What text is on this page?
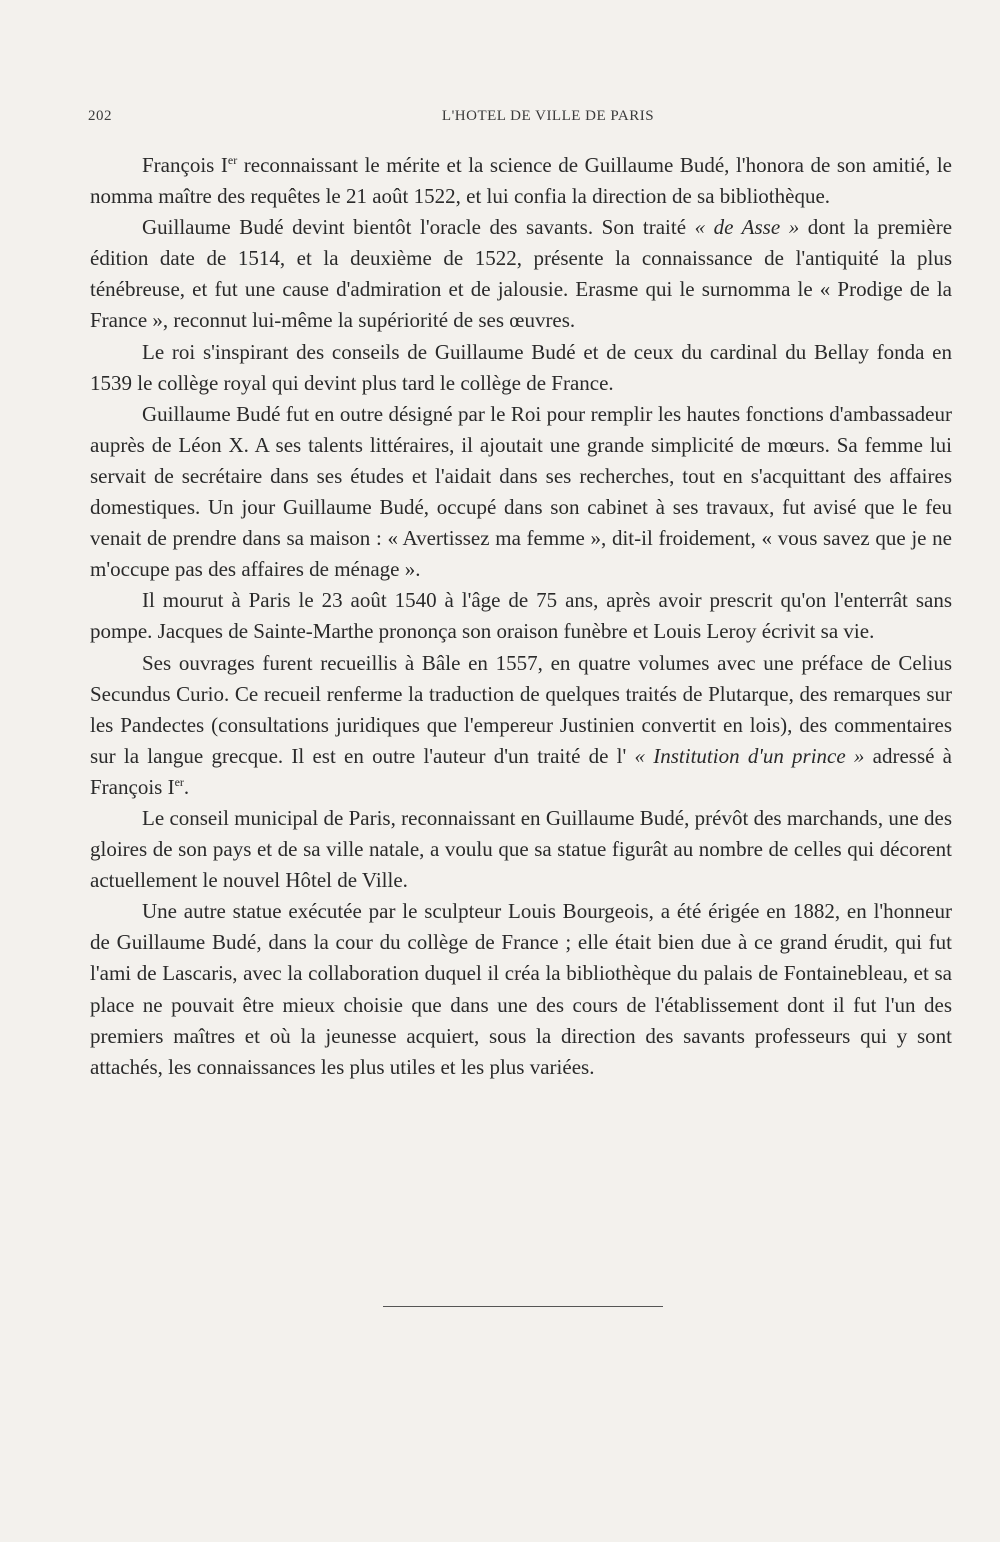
202	L'HOTEL DE VILLE DE PARIS

François Ier reconnaissant le mérite et la science de Guillaume Budé, l'honora de son amitié, le nomma maître des requêtes le 21 août 1522, et lui confia la direction de sa bibliothèque.

Guillaume Budé devint bientôt l'oracle des savants. Son traité « de Asse » dont la première édition date de 1514, et la deuxième de 1522, présente la connaissance de l'antiquité la plus ténébreuse, et fut une cause d'admiration et de jalousie. Erasme qui le surnomma le « Prodige de la France », reconnut lui-même la supériorité de ses œuvres.

Le roi s'inspirant des conseils de Guillaume Budé et de ceux du cardinal du Bellay fonda en 1539 le collège royal qui devint plus tard le collège de France.

Guillaume Budé fut en outre désigné par le Roi pour remplir les hautes fonctions d'ambassadeur auprès de Léon X. A ses talents littéraires, il ajoutait une grande simplicité de mœurs. Sa femme lui servait de secrétaire dans ses études et l'aidait dans ses recherches, tout en s'acquittant des affaires domestiques. Un jour Guillaume Budé, occupé dans son cabinet à ses travaux, fut avisé que le feu venait de prendre dans sa maison : « Avertissez ma femme », dit-il froidement, « vous savez que je ne m'occupe pas des affaires de ménage ».

Il mourut à Paris le 23 août 1540 à l'âge de 75 ans, après avoir prescrit qu'on l'enterrât sans pompe. Jacques de Sainte-Marthe prononça son oraison funèbre et Louis Leroy écrivit sa vie.

Ses ouvrages furent recueillis à Bâle en 1557, en quatre volumes avec une préface de Celius Secundus Curio. Ce recueil renferme la traduction de quelques traités de Plutarque, des remarques sur les Pandectes (consultations juridiques que l'empereur Justinien convertit en lois), des commentaires sur la langue grecque. Il est en outre l'auteur d'un traité de l' « Institution d'un prince » adressé à François Ier.

Le conseil municipal de Paris, reconnaissant en Guillaume Budé, prévôt des marchands, une des gloires de son pays et de sa ville natale, a voulu que sa statue figurât au nombre de celles qui décorent actuellement le nouvel Hôtel de Ville.

Une autre statue exécutée par le sculpteur Louis Bourgeois, a été érigée en 1882, en l'honneur de Guillaume Budé, dans la cour du collège de France ; elle était bien due à ce grand érudit, qui fut l'ami de Lascaris, avec la collaboration duquel il créa la bibliothèque du palais de Fontainebleau, et sa place ne pouvait être mieux choisie que dans une des cours de l'établissement dont il fut l'un des premiers maîtres et où la jeunesse acquiert, sous la direction des savants professeurs qui y sont attachés, les connaissances les plus utiles et les plus variées.
